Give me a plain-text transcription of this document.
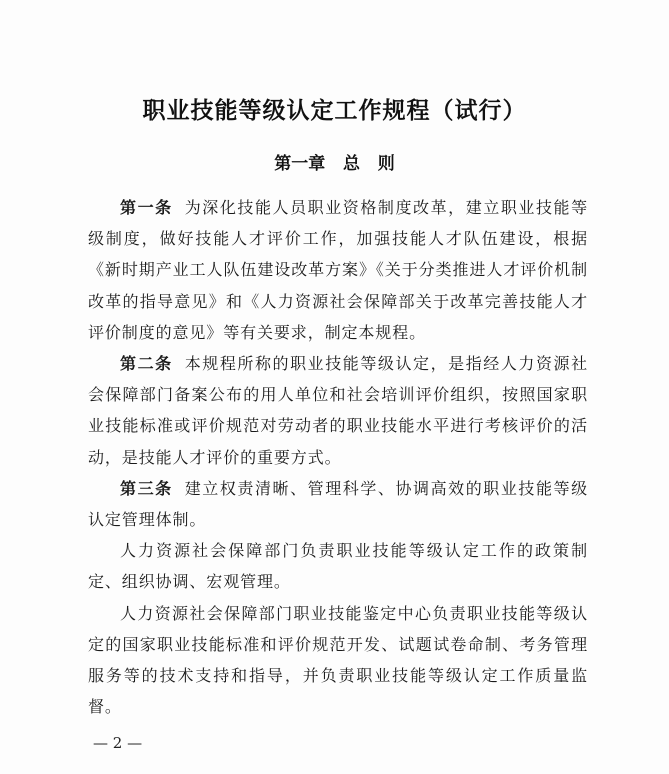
职业技能等级认定工作规程（试行）
第一章   总   则

第一条 为深化技能人员职业资格制度改革，建立职业技能等级制度，做好技能人才评价工作，加强技能人才队伍建设，根据《新时期产业工人队伍建设改革方案》《关于分类推进人才评价机制改革的指导意见》和《人力资源社会保障部关于改革完善技能人才评价制度的意见》等有关要求，制定本规程。

第二条 本规程所称的职业技能等级认定，是指经人力资源社会保障部门备案公布的用人单位和社会培训评价组织，按照国家职业技能标准或评价规范对劳动者的职业技能水平进行考核评价的活动，是技能人才评价的重要方式。

第三条 建立权责清晰、管理科学、协调高效的职业技能等级认定管理体制。

人力资源社会保障部门负责职业技能等级认定工作的政策制定、组织协调、宏观管理。

人力资源社会保障部门职业技能鉴定中心负责职业技能等级认定的国家职业技能标准和评价规范开发、试题试卷命制、考务管理服务等的技术支持和指导，并负责职业技能等级认定工作质量监督。

— 2 —
